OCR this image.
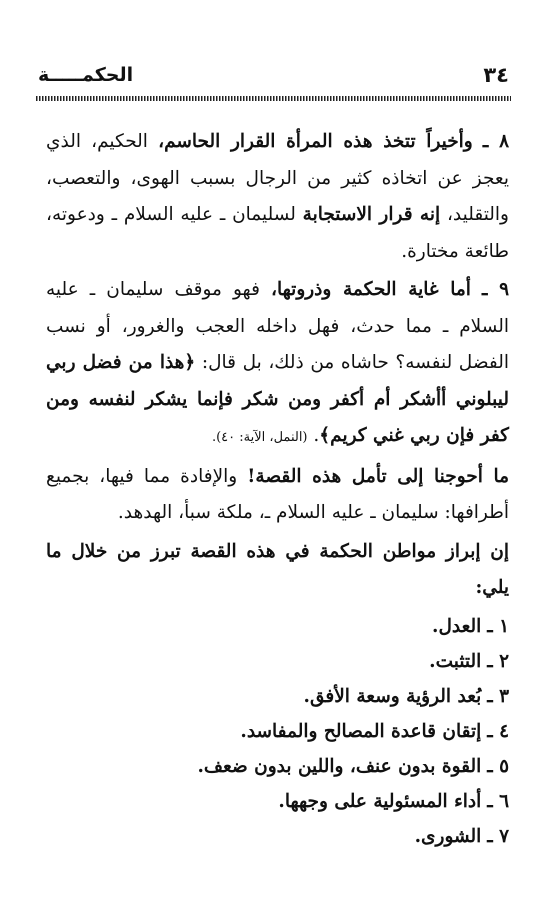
٣٤
الحكمـــــة

٨ ـ وأخيراً تتخذ هذه المرأة القرار الحاسم، الحكيم، الذي يعجز عن اتخاذه كثير من الرجال بسبب الهوى، والتعصب، والتقليد، إنه قرار الاستجابة لسليمان ـ عليه السلام ـ ودعوته، طائعة مختارة.

٩ ـ أما غاية الحكمة وذروتها، فهو موقف سليمان ـ عليه السلام ـ مما حدث، فهل داخله العجب والغرور، أو نسب الفضل لنفسه؟ حاشاه من ذلك، بل قال: ﴿هذا من فضل ربي ليبلوني أأشكر أم أكفر ومن شكر فإنما يشكر لنفسه ومن كفر فإن ربي غني كريم﴾. (النمل، الآية: ٤٠).

ما أحوجنا إلى تأمل هذه القصة! والإفادة مما فيها، بجميع أطرافها: سليمان ـ عليه السلام ـ، ملكة سبأ، الهدهد.

إن إبراز مواطن الحكمة في هذه القصة تبرز من خلال ما يلي:

١ ـ العدل.
٢ ـ التثبت.
٣ ـ بُعد الرؤية وسعة الأفق.
٤ ـ إتقان قاعدة المصالح والمفاسد.
٥ ـ القوة بدون عنف، واللين بدون ضعف.
٦ ـ أداء المسئولية على وجهها.
٧ ـ الشورى.
